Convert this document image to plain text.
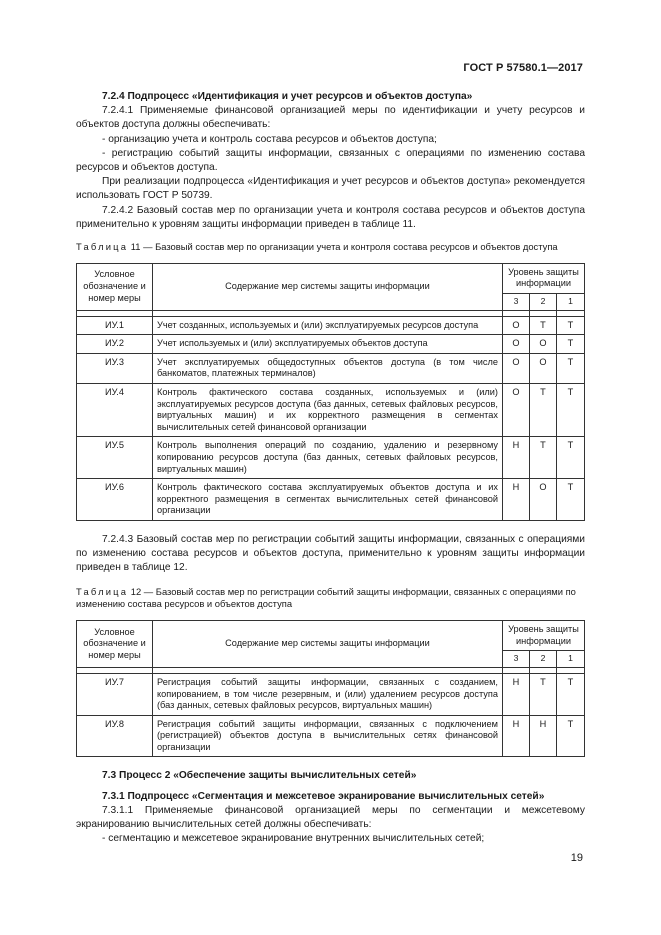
ГОСТ Р 57580.1—2017

7.2.4 Подпроцесс «Идентификация и учет ресурсов и объектов доступа»

7.2.4.1 Применяемые финансовой организацией меры по идентификации и учету ресурсов и объектов доступа должны обеспечивать:

- организацию учета и контроль состава ресурсов и объектов доступа;

- регистрацию событий защиты информации, связанных с операциями по изменению состава ресурсов и объектов доступа.

При реализации подпроцесса «Идентификация и учет ресурсов и объектов доступа» рекомендуется использовать ГОСТ Р 50739.

7.2.4.2 Базовый состав мер по организации учета и контроля состава ресурсов и объектов доступа применительно к уровням защиты информации приведен в таблице 11.

Таблица 11 — Базовый состав мер по организации учета и контроля состава ресурсов и объектов доступа

Условное обозначение и номер меры	Содержание мер системы защиты информации	Уровень защиты информации		
		3	2	1

ИУ.1	Учет созданных, используемых и (или) эксплуатируемых ресурсов доступа	О	Т	Т
ИУ.2	Учет используемых и (или) эксплуатируемых объектов доступа	О	О	Т
ИУ.3	Учет эксплуатируемых общедоступных объектов доступа (в том числе банкоматов, платежных терминалов)	О	О	Т
ИУ.4	Контроль фактического состава созданных, используемых и (или) эксплуатируемых ресурсов доступа (баз данных, сетевых файловых ресурсов, виртуальных машин) и их корректного размещения в сегментах вычислительных сетей финансовой организации	О	Т	Т
ИУ.5	Контроль выполнения операций по созданию, удалению и резервному копированию ресурсов доступа (баз данных, сетевых файловых ресурсов, виртуальных машин)	Н	Т	Т
ИУ.6	Контроль фактического состава эксплуатируемых объектов доступа и их корректного размещения в сегментах вычислительных сетей финансовой организации	Н	О	Т

7.2.4.3 Базовый состав мер по регистрации событий защиты информации, связанных с операциями по изменению состава ресурсов и объектов доступа, применительно к уровням защиты информации приведен в таблице 12.

Таблица 12 — Базовый состав мер по регистрации событий защиты информации, связанных с операциями по изменению состава ресурсов и объектов доступа

Условное обозначение и номер меры	Содержание мер системы защиты информации	Уровень защиты информации		
		3	2	1

ИУ.7	Регистрация событий защиты информации, связанных с созданием, копированием, в том числе резервным, и (или) удалением ресурсов доступа (баз данных, сетевых файловых ресурсов, виртуальных машин)	Н	Т	Т
ИУ.8	Регистрация событий защиты информации, связанных с подключением (регистрацией) объектов доступа в вычислительных сетях финансовой организации	Н	Н	Т

7.3 Процесс 2 «Обеспечение защиты вычислительных сетей»

7.3.1 Подпроцесс «Сегментация и межсетевое экранирование вычислительных сетей»

7.3.1.1 Применяемые финансовой организацией меры по сегментации и межсетевому экранированию вычислительных сетей должны обеспечивать:

- сегментацию и межсетевое экранирование внутренних вычислительных сетей;

19
